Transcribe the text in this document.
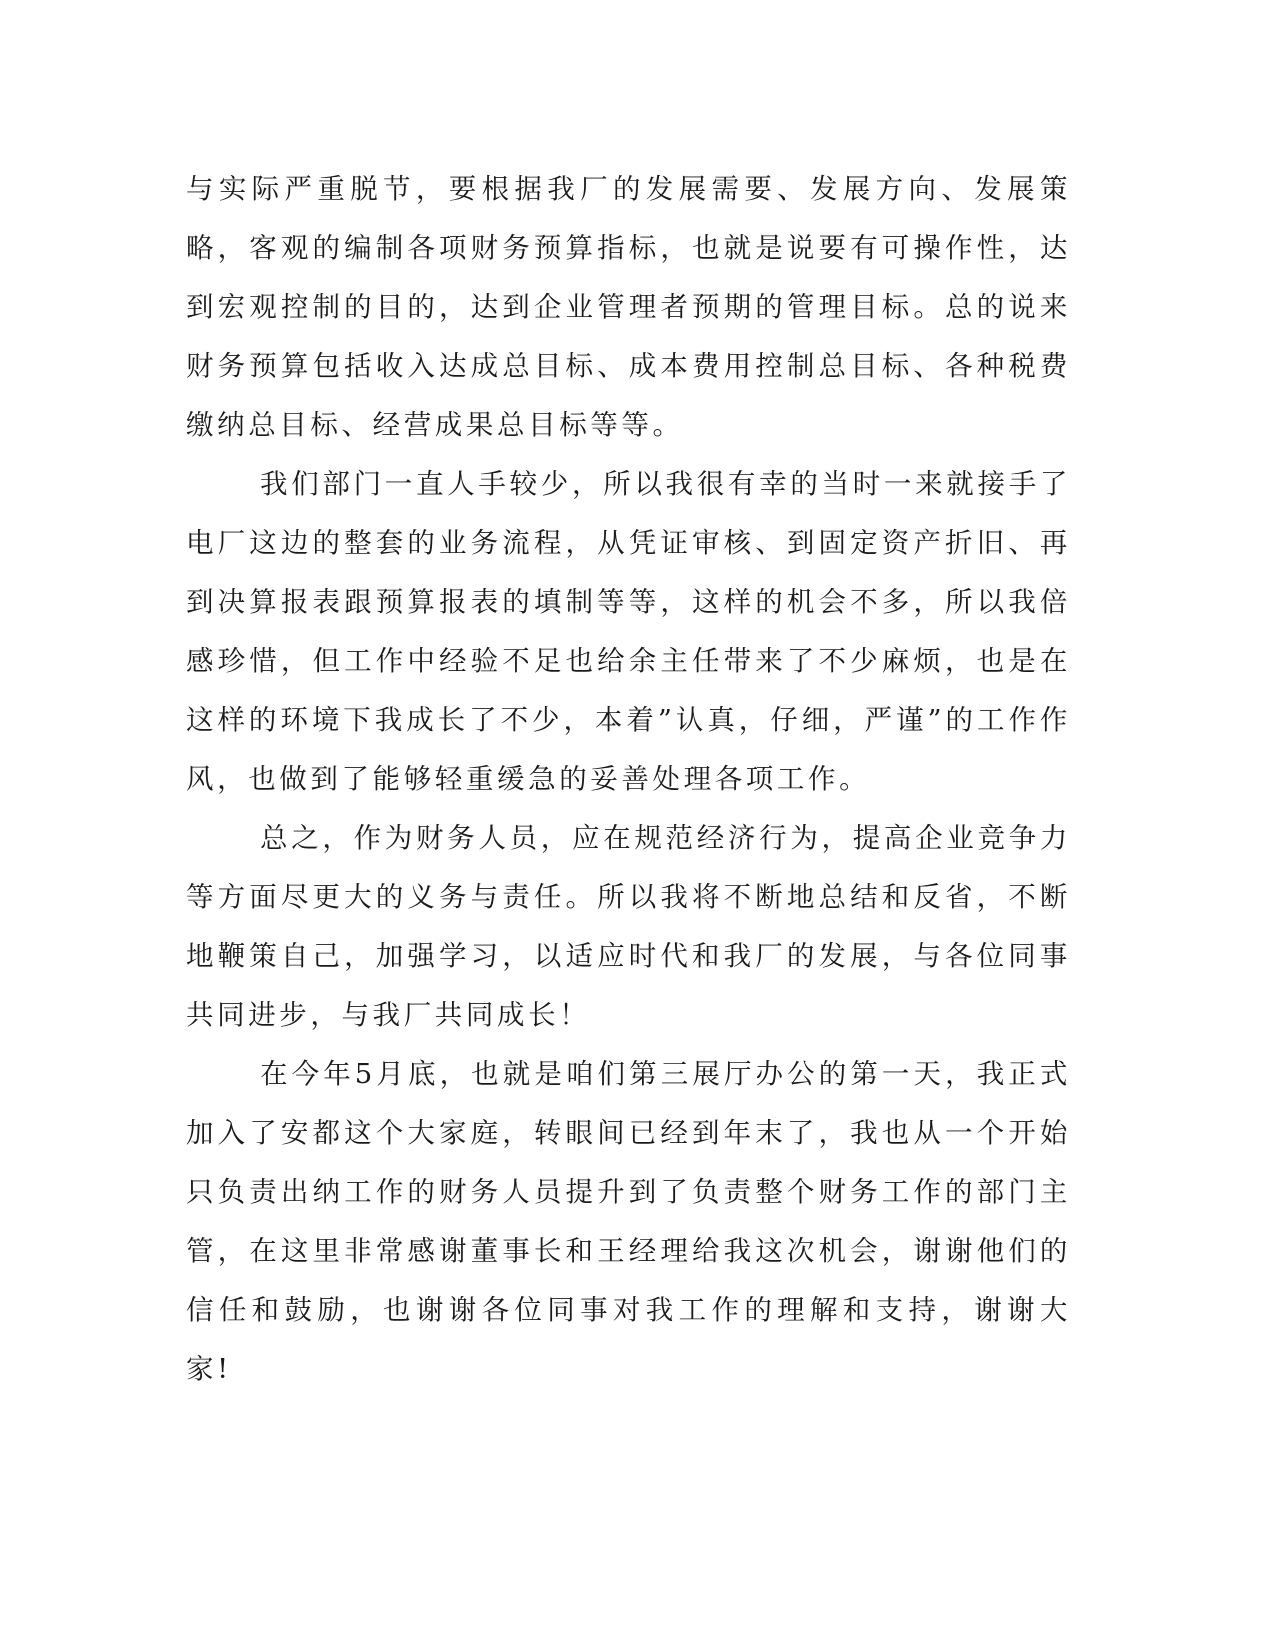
与实际严重脱节，要根据我厂的发展需要、发展方向、发展策略，客观的编制各项财务预算指标，也就是说要有可操作性，达到宏观控制的目的，达到企业管理者预期的管理目标。总的说来财务预算包括收入达成总目标、成本费用控制总目标、各种税费缴纳总目标、经营成果总目标等等。

我们部门一直人手较少，所以我很有幸的当时一来就接手了电厂这边的整套的业务流程，从凭证审核、到固定资产折旧、再到决算报表跟预算报表的填制等等，这样的机会不多，所以我倍感珍惜，但工作中经验不足也给余主任带来了不少麻烦，也是在这样的环境下我成长了不少，本着”认真，仔细，严谨”的工作作风，也做到了能够轻重缓急的妥善处理各项工作。

总之，作为财务人员，应在规范经济行为，提高企业竞争力等方面尽更大的义务与责任。所以我将不断地总结和反省，不断地鞭策自己，加强学习，以适应时代和我厂的发展，与各位同事共同进步，与我厂共同成长！

在今年5月底，也就是咱们第三展厅办公的第一天，我正式加入了安都这个大家庭，转眼间已经到年末了，我也从一个开始只负责出纳工作的财务人员提升到了负责整个财务工作的部门主管，在这里非常感谢董事长和王经理给我这次机会，谢谢他们的信任和鼓励，也谢谢各位同事对我工作的理解和支持，谢谢大家!
